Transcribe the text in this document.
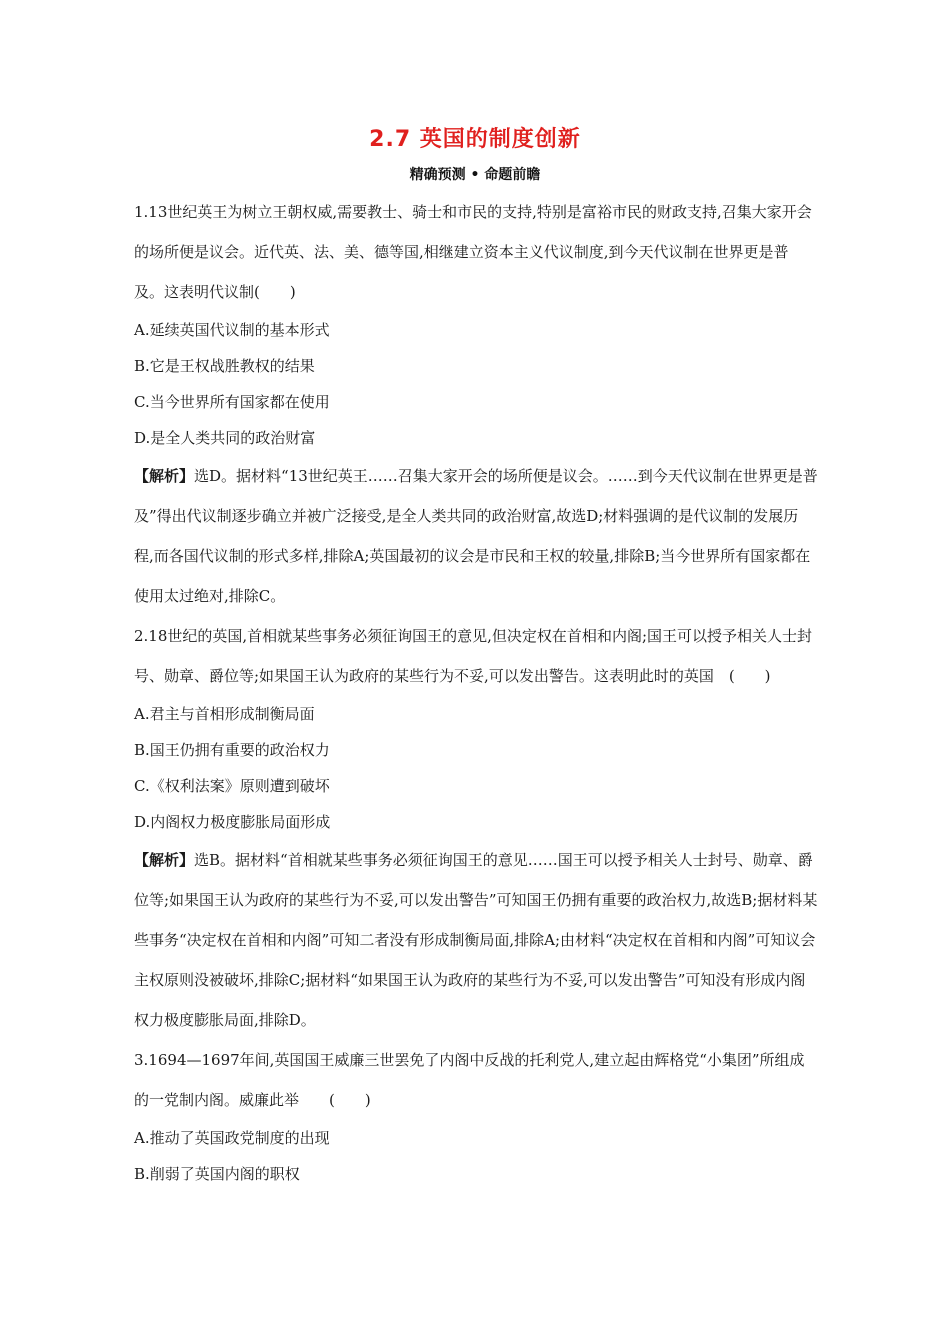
2.7 英国的制度创新
精确预测 • 命题前瞻

1.13世纪英王为树立王朝权威,需要教士、骑士和市民的支持,特别是富裕市民的财政支持,召集大家开会的场所便是议会。近代英、法、美、德等国,相继建立资本主义代议制度,到今天代议制在世界更是普及。这表明代议制(　　)

A.延续英国代议制的基本形式

B.它是王权战胜教权的结果

C.当今世界所有国家都在使用

D.是全人类共同的政治财富

【解析】选D。据材料“13世纪英王……召集大家开会的场所便是议会。……到今天代议制在世界更是普及”得出代议制逐步确立并被广泛接受,是全人类共同的政治财富,故选D;材料强调的是代议制的发展历程,而各国代议制的形式多样,排除A;英国最初的议会是市民和王权的较量,排除B;当今世界所有国家都在使用太过绝对,排除C。

2.18世纪的英国,首相就某些事务必须征询国王的意见,但决定权在首相和内阁;国王可以授予相关人士封号、勋章、爵位等;如果国王认为政府的某些行为不妥,可以发出警告。这表明此时的英国　(　　)

A.君主与首相形成制衡局面

B.国王仍拥有重要的政治权力

C.《权利法案》原则遭到破坏

D.内阁权力极度膨胀局面形成

【解析】选B。据材料“首相就某些事务必须征询国王的意见……国王可以授予相关人士封号、勋章、爵位等;如果国王认为政府的某些行为不妥,可以发出警告”可知国王仍拥有重要的政治权力,故选B;据材料某些事务“决定权在首相和内阁”可知二者没有形成制衡局面,排除A;由材料“决定权在首相和内阁”可知议会主权原则没被破坏,排除C;据材料“如果国王认为政府的某些行为不妥,可以发出警告”可知没有形成内阁权力极度膨胀局面,排除D。

3.1694—1697年间,英国国王威廉三世罢免了内阁中反战的托利党人,建立起由辉格党“小集团”所组成的一党制内阁。威廉此举　　(　　)

A.推动了英国政党制度的出现

B.削弱了英国内阁的职权
